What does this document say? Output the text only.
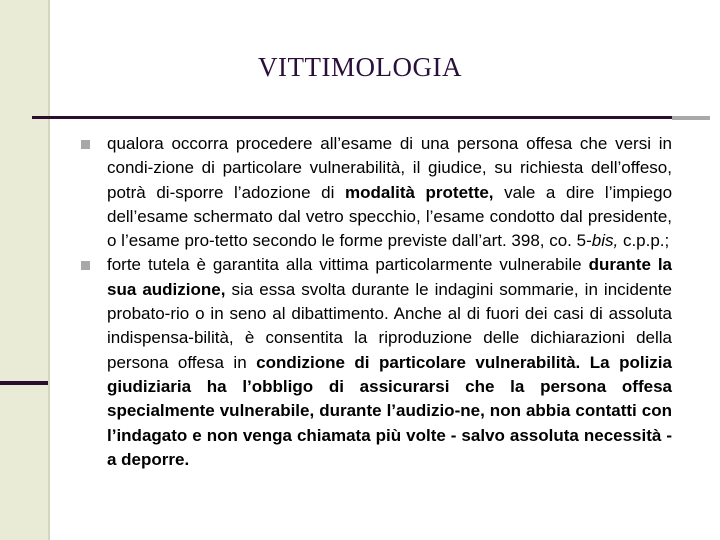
VITTIMOLOGIA
qualora occorra procedere all’esame di una persona offesa che versi in condi-zione di particolare vulnerabilità, il giudice, su richiesta dell’offeso, potrà di-sporre l’adozione di modalità protette, vale a dire l’impiego dell’esame schermato dal vetro specchio, l’esame condotto dal presidente, o l’esame pro-tetto secondo le forme previste dall’art. 398, co. 5-bis, c.p.p.;
forte tutela è garantita alla vittima particolarmente vulnerabile durante la sua audizione, sia essa svolta durante le indagini sommarie, in incidente probato-rio o in seno al dibattimento. Anche al di fuori dei casi di assoluta indispensa-bilità, è consentita la riproduzione delle dichiarazioni della persona offesa in condizione di particolare vulnerabilità. La polizia giudiziaria ha l’obbligo di assicurarsi che la persona offesa specialmente vulnerabile, durante l’audizio-ne, non abbia contatti con l’indagato e non venga chiamata più volte - salvo assoluta necessità - a deporre.
